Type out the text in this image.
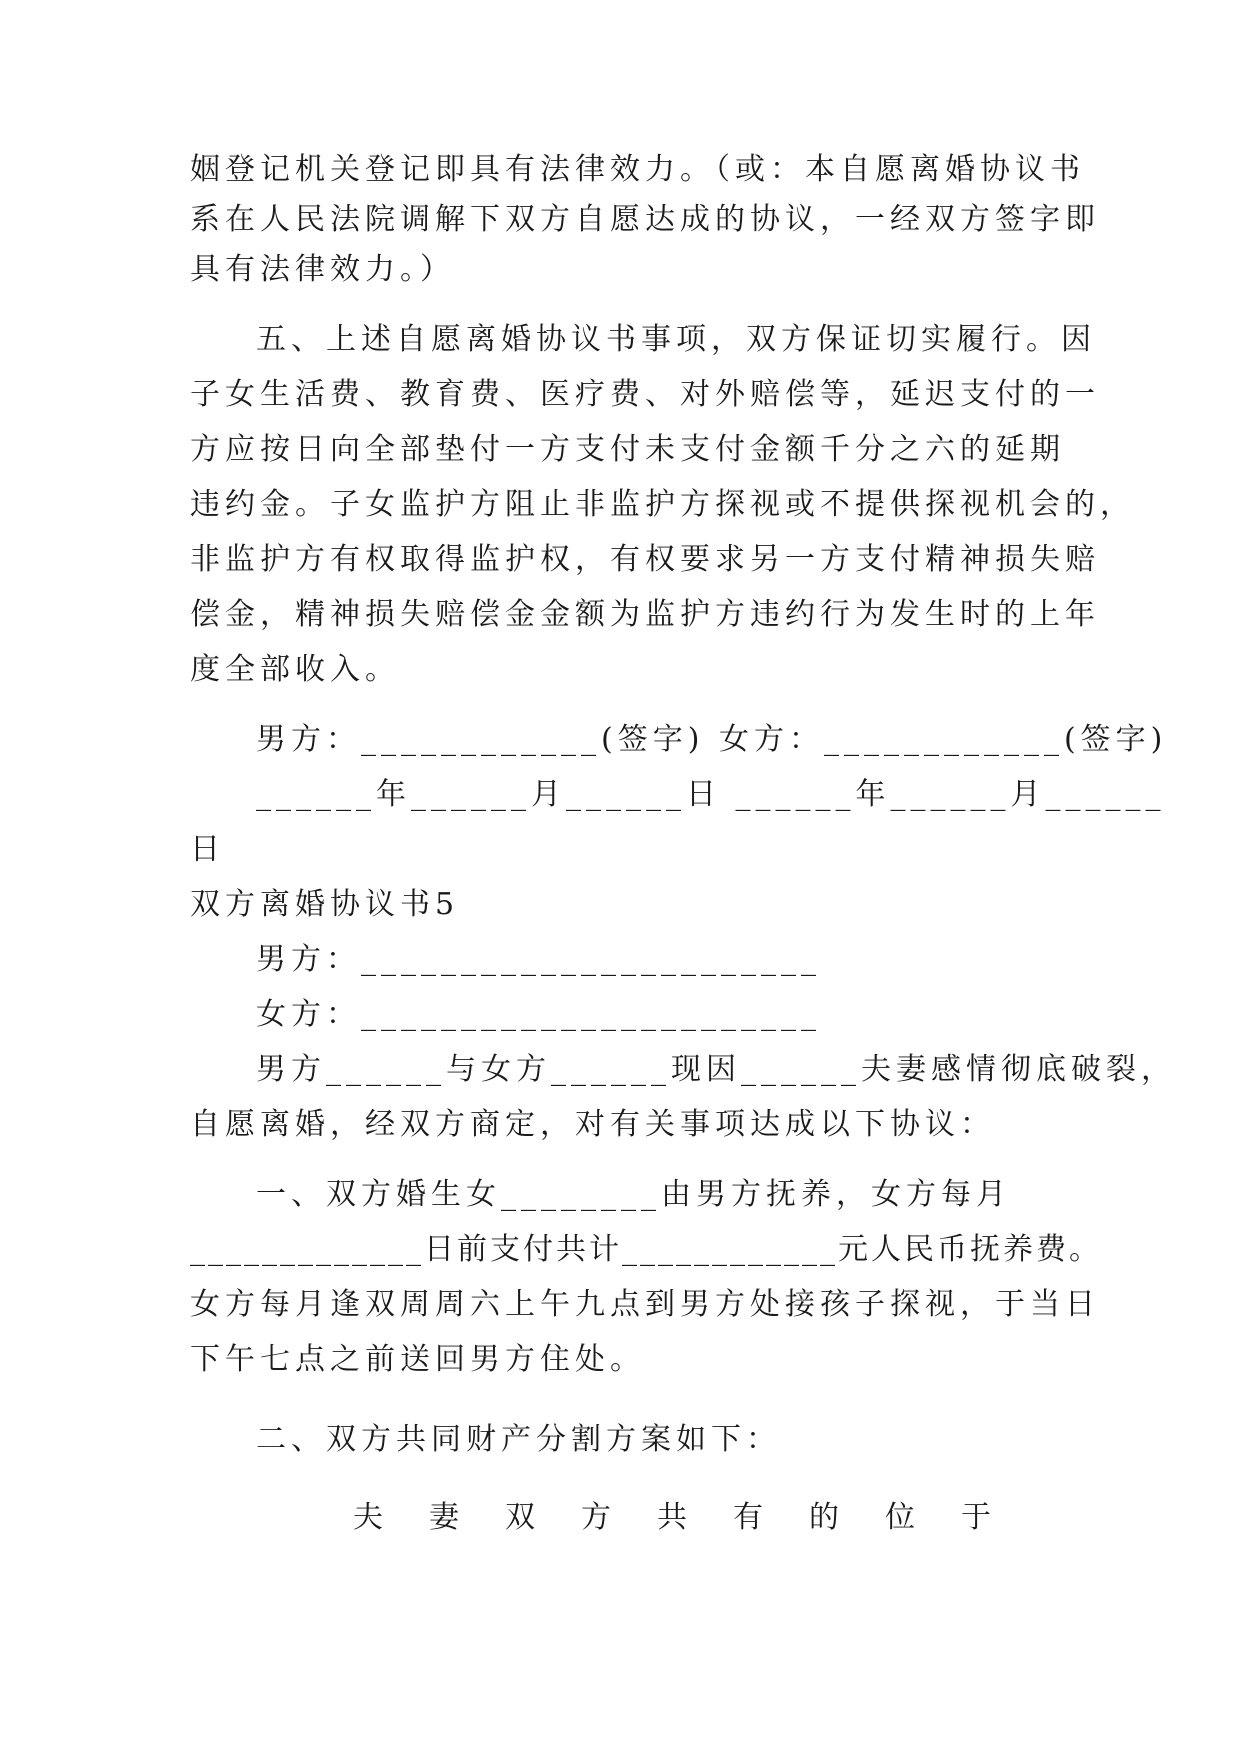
姻登记机关登记即具有法律效力。（或：本自愿离婚协议书
系在人民法院调解下双方自愿达成的协议，一经双方签字即
具有法律效力。）
五、上述自愿离婚协议书事项，双方保证切实履行。因
子女生活费、教育费、医疗费、对外赔偿等，延迟支付的一
方应按日向全部垫付一方支付未支付金额千分之六的延期
违约金。子女监护方阻止非监护方探视或不提供探视机会的，
非监护方有权取得监护权，有权要求另一方支付精神损失赔
偿金，精神损失赔偿金金额为监护方违约行为发生时的上年
度全部收入。
男方：____________(签字) 女方：____________(签字)
______年______月______日 ______年______月______
日
双方离婚协议书5
男方：_______________________
女方：_______________________
男方______与女方______现因______夫妻感情彻底破裂，
自愿离婚，经双方商定，对有关事项达成以下协议：
一、双方婚生女________由男方抚养，女方每月
_____________日前支付共计____________元人民币抚养费。
女方每月逢双周周六上午九点到男方处接孩子探视，于当日
下午七点之前送回男方住处。
二、双方共同财产分割方案如下：
夫 妻 双 方 共 有 的 位 于
